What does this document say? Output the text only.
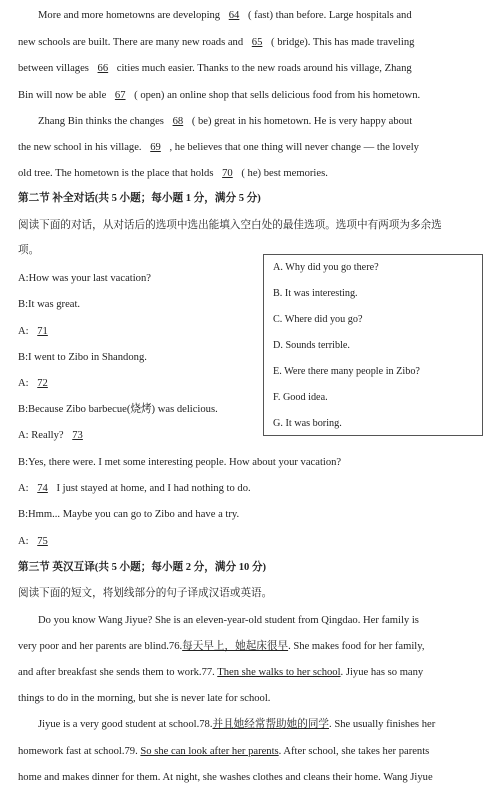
More and more hometowns are developing 64 ( fast) than before. Large hospitals and
new schools are built. There are many new roads and 65 ( bridge). This has made traveling
between villages 66 cities much easier. Thanks to the new roads around his village, Zhang
Bin will now be able 67 ( open) an online shop that sells delicious food from his hometown.
Zhang Bin thinks the changes 68 ( be) great in his hometown. He is very happy about
the new school in his village. 69 , he believes that one thing will never change — the lovely
old tree. The hometown is the place that holds 70 ( he) best memories.
第二节 补全对话(共 5 小题；每小题 1 分，满分 5 分)
阅读下面的对话，从对话后的选项中选出能填入空白处的最佳选项。选项中有两项为多余选
项。
A:How was your last vacation?
B:It was great.
A: 71
B:I went to Zibo in Shandong.
A: 72
B:Because Zibo barbecue(烧烤) was delicious.
A: Really? 73
B:Yes, there were. I met some interesting people. How about your vacation?
A: 74 I just stayed at home, and I had nothing to do.
B:Hmm... Maybe you can go to Zibo and have a try.
A: 75
A. Why did you go there?
B. It was interesting.
C. Where did you go?
D. Sounds terrible.
E. Were there many people in Zibo?
F. Good idea.
G. It was boring.
第三节 英汉互译(共 5 小题；每小题 2 分，满分 10 分)
阅读下面的短文，将划线部分的句子译成汉语或英语。
Do you know Wang Jiyue? She is an eleven-year-old student from Qingdao. Her family is
very poor and her parents are blind.76.每天早上，她起床很早. She makes food for her family,
and after breakfast she sends them to work.77. Then she walks to her school. Jiyue has so many
things to do in the morning, but she is never late for school.
Jiyue is a very good student at school.78.并且她经常帮助她的同学. She usually finishes her
homework fast at school.79. So she can look after her parents. After school, she takes her parents
home and makes dinner for them. At night, she washes clothes and cleans their home. Wang Jiyue
